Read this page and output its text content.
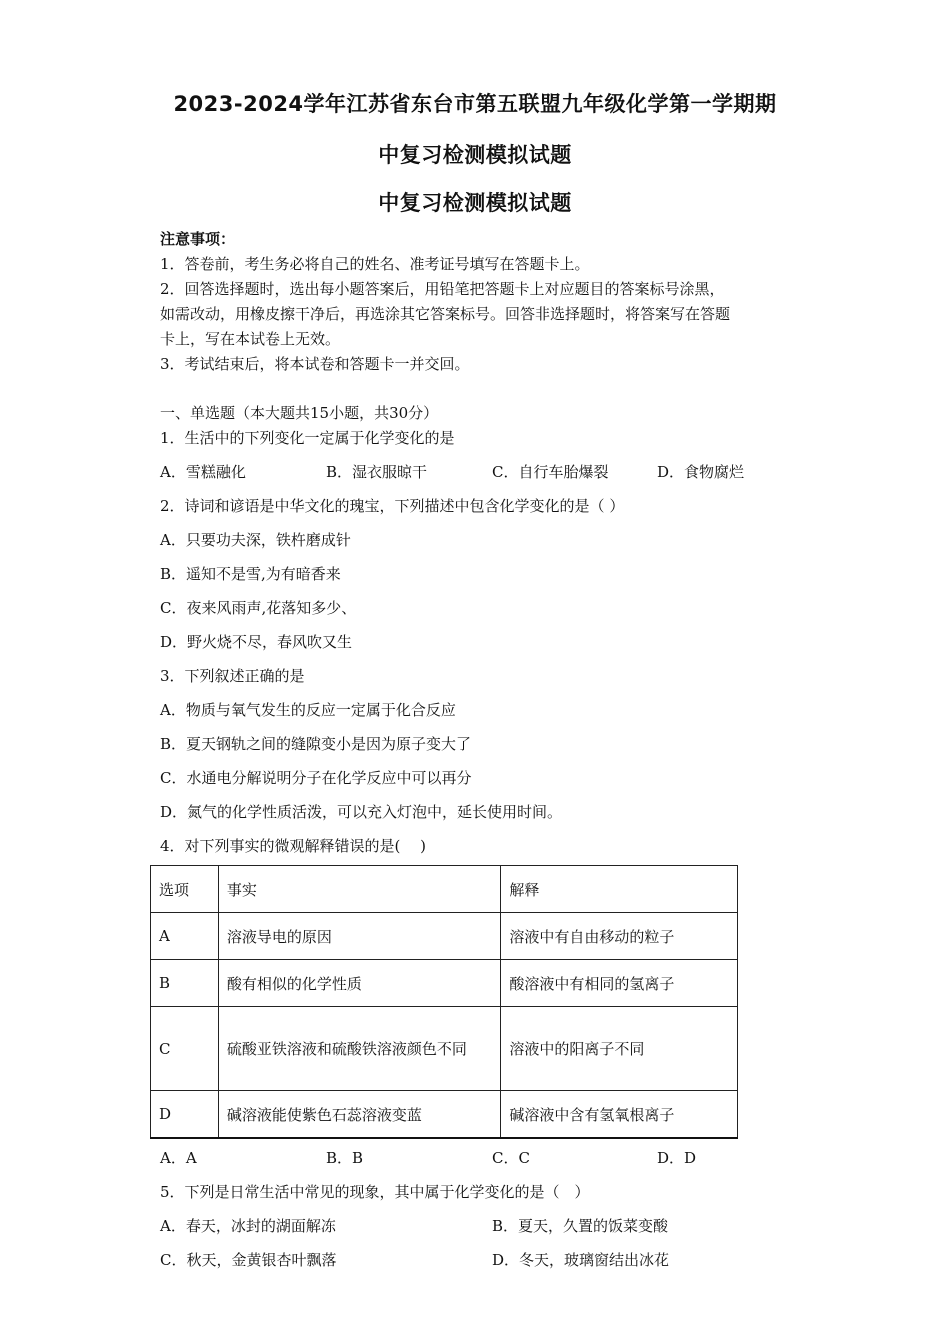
2023-2024学年江苏省东台市第五联盟九年级化学第一学期期
中复习检测模拟试题
中复习检测模拟试题
注意事项：
1．答卷前，考生务必将自己的姓名、准考证号填写在答题卡上。
2．回答选择题时，选出每小题答案后，用铅笔把答题卡上对应题目的答案标号涂黑，
如需改动，用橡皮擦干净后，再选涂其它答案标号。回答非选择题时，将答案写在答题
卡上，写在本试卷上无效。
3．考试结束后，将本试卷和答题卡一并交回。
一、单选题（本大题共15小题，共30分）
1．生活中的下列变化一定属于化学变化的是
A．雪糕融化	B．湿衣服晾干	C．自行车胎爆裂	D．食物腐烂
2．诗词和谚语是中华文化的瑰宝，下列描述中包含化学变化的是（ ）
A．只要功夫深，铁杵磨成针
B．遥知不是雪,为有暗香来
C．夜来风雨声,花落知多少、
D．野火烧不尽，春风吹又生
3．下列叙述正确的是
A．物质与氧气发生的反应一定属于化合反应
B．夏天钢轨之间的缝隙变小是因为原子变大了
C．水通电分解说明分子在化学反应中可以再分
D．氮气的化学性质活泼，可以充入灯泡中，延长使用时间。
4．对下列事实的微观解释错误的是(　 )
选项	事实	解释
A	溶液导电的原因	溶液中有自由移动的粒子
B	酸有相似的化学性质	酸溶液中有相同的氢离子
C	硫酸亚铁溶液和硫酸铁溶液颜色不同	溶液中的阳离子不同
D	碱溶液能使紫色石蕊溶液变蓝	碱溶液中含有氢氧根离子
A．A	B．B	C．C	D．D
5．下列是日常生活中常见的现象，其中属于化学变化的是（　）
A．春天，冰封的湖面解冻	B．夏天，久置的饭菜变酸
C．秋天，金黄银杏叶飘落	D．冬天，玻璃窗结出冰花
